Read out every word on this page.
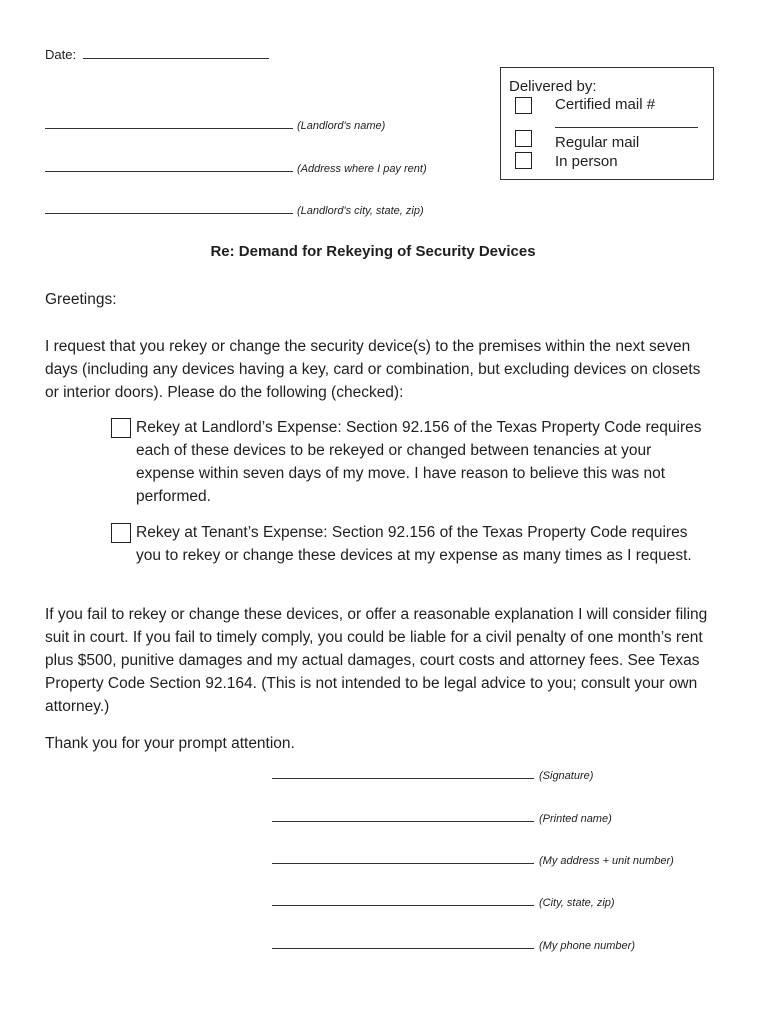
Date:
(Landlord's name)
(Address where I pay rent)
(Landlord's city, state, zip)
Delivered by:
Certified mail #
Regular mail
In person
Re: Demand for Rekeying of Security Devices
Greetings:
I request that you rekey or change the security device(s) to the premises within the next seven days (including any devices having a key, card or combination, but excluding devices on closets or interior doors). Please do the following (checked):
Rekey at Landlord’s Expense: Section 92.156 of the Texas Property Code requires each of these devices to be rekeyed or changed between tenancies at your expense within seven days of my move. I have reason to believe this was not performed.
Rekey at Tenant’s Expense: Section 92.156 of the Texas Property Code requires you to rekey or change these devices at my expense as many times as I request.
If you fail to rekey or change these devices, or offer a reasonable explanation I will consider filing suit in court. If you fail to timely comply, you could be liable for a civil penalty of one month’s rent plus $500, punitive damages and my actual damages, court costs and attorney fees. See Texas Property Code Section 92.164. (This is not intended to be legal advice to you; consult your own attorney.)
Thank you for your prompt attention.
(Signature)
(Printed name)
(My address + unit number)
(City, state, zip)
(My phone number)
